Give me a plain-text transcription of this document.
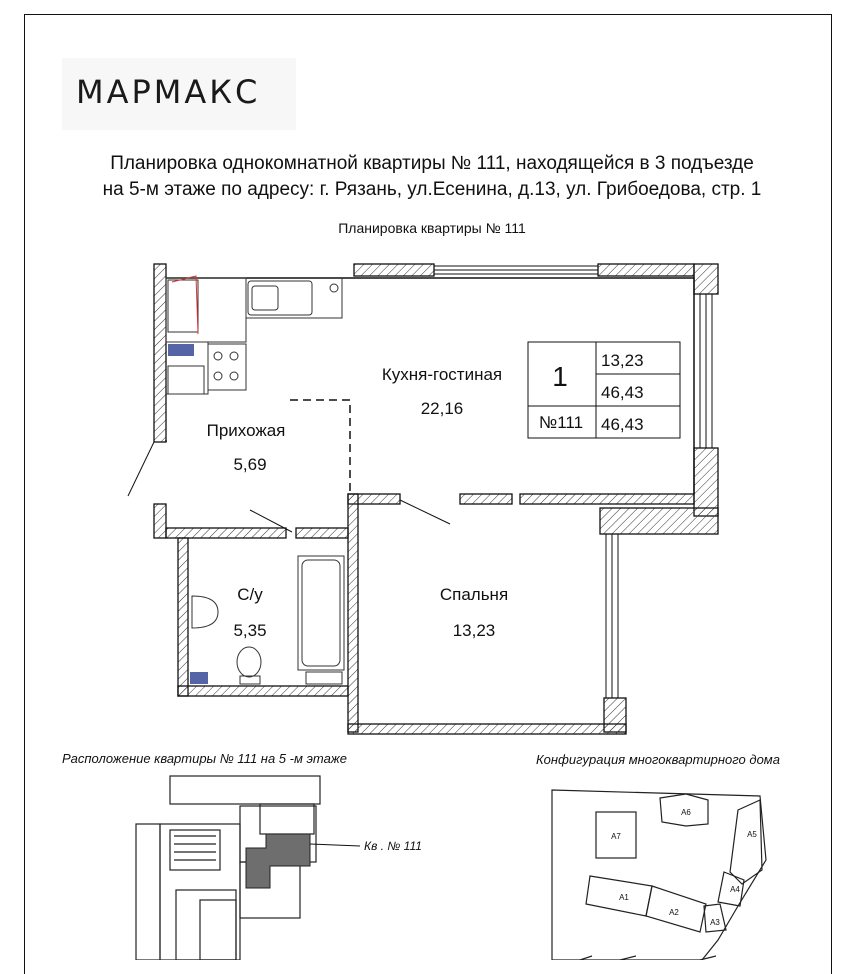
МАРМАКС
Планировка однокомнатной квартиры № 111, находящейся в 3 подъезде
на 5-м этаже по адресу: г. Рязань, ул.Есенина, д.13, ул. Грибоедова, стр. 1
Планировка квартиры № 111
Кухня-гостиная
22,16
Прихожая
5,69
С/у
5,35
Спальня
13,23
1
№111
13,23
46,43
46,43
Кв . № 111
А7
А6
А5
А4
А3
А1
А2
Расположение квартиры № 111 на 5 -м этаже	Конфигурация многоквартирного дома
